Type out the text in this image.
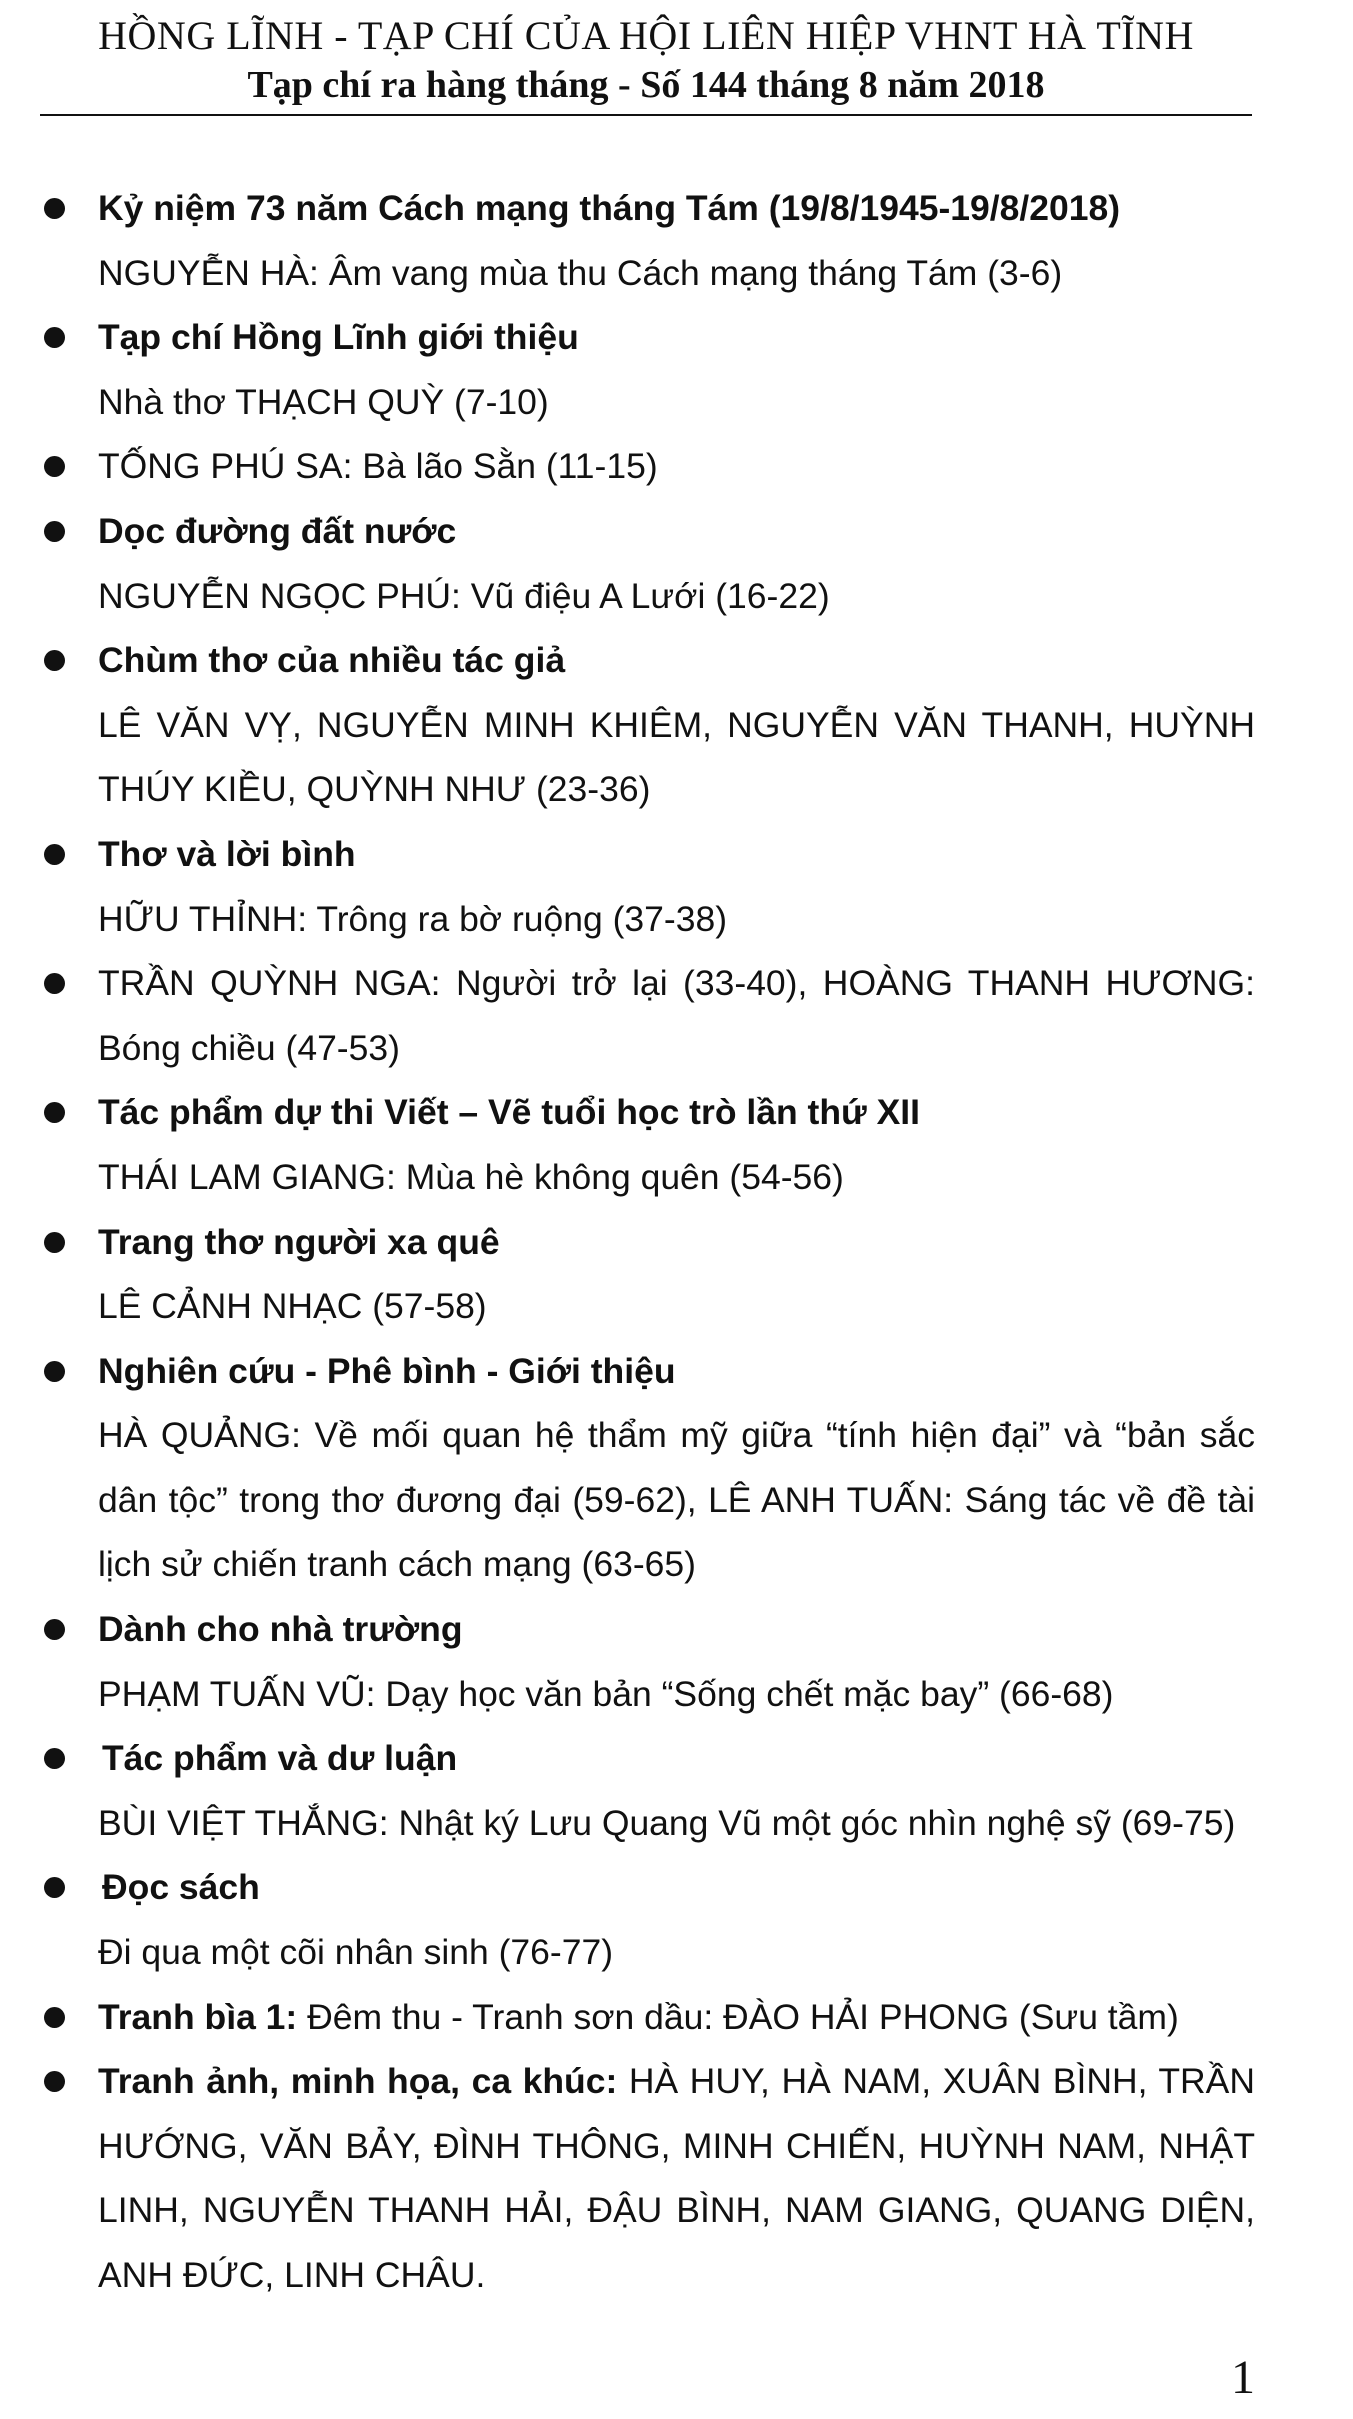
HỒNG LĨNH - TẠP CHÍ CỦA HỘI LIÊN HIỆP VHNT HÀ TĨNH
Tạp chí ra hàng tháng - Số 144 tháng 8 năm 2018
Kỷ niệm 73 năm Cách mạng tháng Tám (19/8/1945-19/8/2018)
NGUYỄN HÀ: Âm vang mùa thu Cách mạng tháng Tám (3-6)
Tạp chí Hồng Lĩnh giới thiệu
Nhà thơ THẠCH QUỲ (7-10)
TỐNG PHÚ SA: Bà lão Sằn (11-15)
Dọc đường đất nước
NGUYỄN NGỌC PHÚ: Vũ điệu A Lưới (16-22)
Chùm thơ của nhiều tác giả
LÊ VĂN VỴ, NGUYỄN MINH KHIÊM, NGUYỄN VĂN THANH, HUỲNH THÚY KIỀU, QUỲNH NHƯ (23-36)
Thơ và lời bình
HỮU THỈNH: Trông ra bờ ruộng (37-38)
TRẦN QUỲNH NGA: Người trở lại (33-40), HOÀNG THANH HƯƠNG: Bóng chiều (47-53)
Tác phẩm dự thi Viết – Vẽ tuổi học trò lần thứ XII
THÁI LAM GIANG: Mùa hè không quên (54-56)
Trang thơ người xa quê
LÊ CẢNH NHẠC (57-58)
Nghiên cứu - Phê bình - Giới thiệu
HÀ QUẢNG: Về mối quan hệ thẩm mỹ giữa “tính hiện đại” và “bản sắc dân tộc” trong thơ đương đại (59-62), LÊ ANH TUẤN: Sáng tác về đề tài lịch sử chiến tranh cách mạng (63-65)
Dành cho nhà trường
PHẠM TUẤN VŨ: Dạy học văn bản “Sống chết mặc bay” (66-68)
Tác phẩm và dư luận
BÙI VIỆT THẮNG: Nhật ký Lưu Quang Vũ một góc nhìn nghệ sỹ (69-75)
Đọc sách
Đi qua một cõi nhân sinh (76-77)
Tranh bìa 1: Đêm thu - Tranh sơn dầu: ĐÀO HẢI PHONG (Sưu tầm)
Tranh ảnh, minh họa, ca khúc: HÀ HUY, HÀ NAM, XUÂN BÌNH, TRẦN HƯỚNG, VĂN BẢY, ĐÌNH THÔNG, MINH CHIẾN, HUỲNH NAM, NHẬT LINH, NGUYỄN THANH HẢI, ĐẬU BÌNH, NAM GIANG, QUANG DIỆN, ANH ĐỨC, LINH CHÂU.
1
